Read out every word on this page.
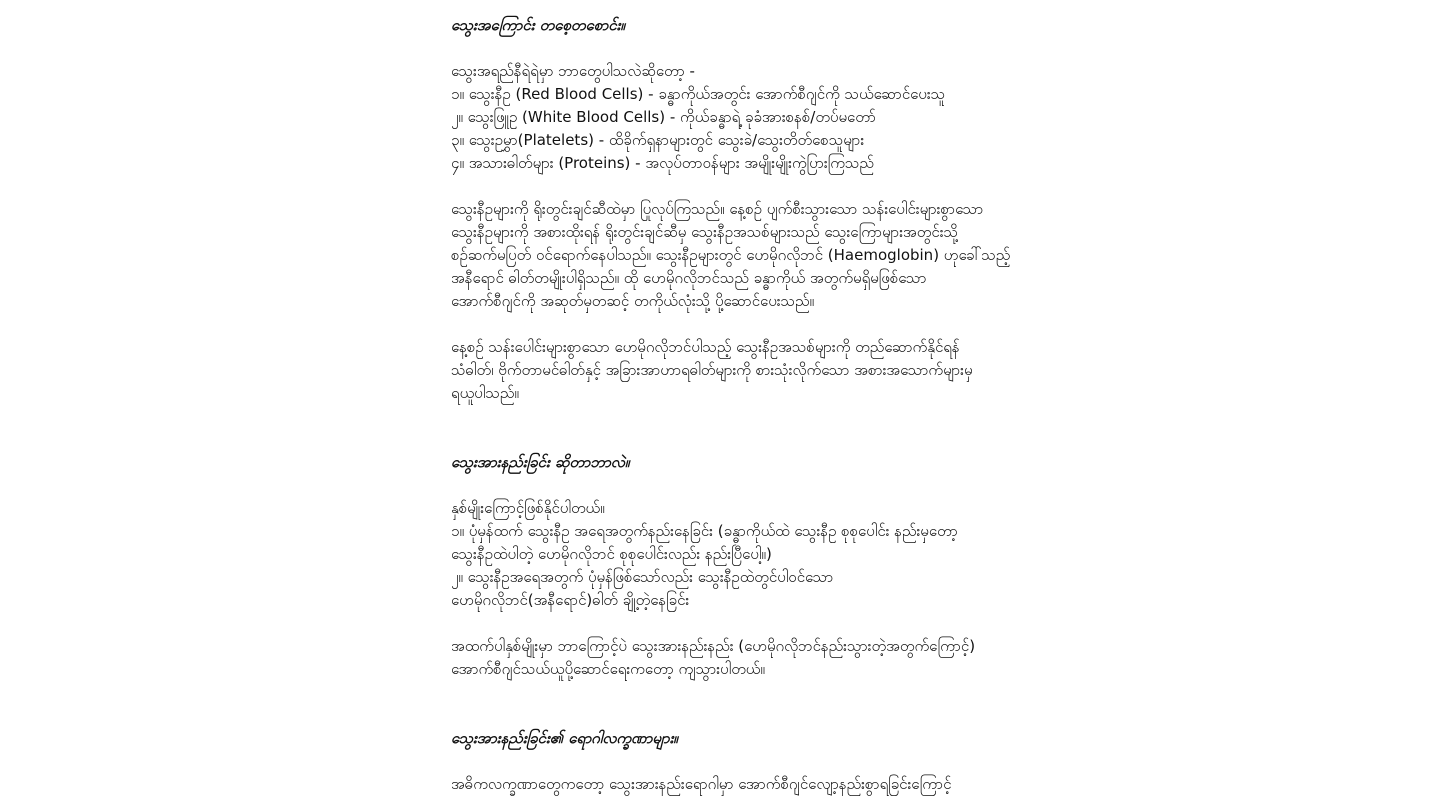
သွေးအကြောင်း တစေ့တစောင်း။

သွေးအရည်နီရဲရဲမှာ ဘာတွေပါသလဲဆိုတော့ -

၁။ သွေးနီဥ (Red Blood Cells) - ခန္ဓာကိုယ်အတွင်း အောက်စီဂျင်ကို သယ်ဆောင်ပေးသူ

၂။ သွေးဖြူဥ (White Blood Cells) - ကိုယ်ခန္ဓာရဲ့ ခုခံအားစနစ်/တပ်မတော်

၃။ သွေးဥမွှာ(Platelets) - ထိခိုက်ရှနာများတွင် သွေးခဲ/သွေးတိတ်စေသူများ

၄။ အသားဓါတ်များ (Proteins) - အလုပ်တာဝန်များ အမျိုးမျိုးကွဲပြားကြသည်

သွေးနီဥများကို ရိုးတွင်းချင်ဆီထဲမှာ ပြုလုပ်ကြသည်။ နေ့စဉ် ပျက်စီးသွားသော သန်းပေါင်းများစွာသော

သွေးနီဥများကို အစားထိုးရန် ရိုးတွင်းချင်ဆီမှ သွေးနီဥအသစ်များသည် သွေးကြောများအတွင်းသို့

စဉ်ဆက်မပြတ် ဝင်ရောက်နေပါသည်။ သွေးနီဥများတွင် ဟေမိုဂလိုဘင် (Haemoglobin) ဟုခေါ်သည့်

အနီရောင် ဓါတ်တမျိုးပါရှိသည်။ ထို ဟေမိုဂလိုဘင်သည် ခန္ဓာကိုယ် အတွက်မရှိမဖြစ်သော

အောက်စီဂျင်ကို အဆုတ်မှတဆင့် တကိုယ်လုံးသို့ ပို့ဆောင်ပေးသည်။

နေ့စဉ် သန်းပေါင်းများစွာသော ဟေမိုဂလိုဘင်ပါသည့် သွေးနီဥအသစ်များကို တည်ဆောက်နိုင်ရန်

သံဓါတ်၊ ဗိုက်တာမင်ဓါတ်နှင့် အခြားအာဟာရဓါတ်များကို စားသုံးလိုက်သော အစားအသောက်များမှ

ရယူပါသည်။

သွေးအားနည်းခြင်း ဆိုတာဘာလဲ။

နှစ်မျိုးကြောင့်ဖြစ်နိုင်ပါတယ်။

၁။ ပုံမှန်ထက် သွေးနီဥ အရေအတွက်နည်းနေခြင်း (ခန္ဓာကိုယ်ထဲ သွေးနီဥ စုစုပေါင်း နည်းမှတော့

သွေးနီဥထဲပါတဲ့ ဟေမိုဂလိုဘင် စုစုပေါင်းလည်း နည်းပြီပေါ့။)

၂။ သွေးနီဥအရေအတွက် ပုံမှန်ဖြစ်သော်လည်း သွေးနီဥထဲတွင်ပါဝင်သော

ဟေမိုဂလိုဘင်(အနီရောင်)ဓါတ် ချို့တဲ့နေခြင်း

အထက်ပါနှစ်မျိုးမှာ ဘာကြောင့်ပဲ သွေးအားနည်းနည်း (ဟေမိုဂလိုဘင်နည်းသွားတဲ့အတွက်ကြောင့်)

အောက်စီဂျင်သယ်ယူပို့ဆောင်ရေးကတော့ ကျသွားပါတယ်။

သွေးအားနည်းခြင်း၏ ရောဂါလက္ခဏာများ။

အဓိကလက္ခဏာတွေကတော့ သွေးအားနည်းရောဂါမှာ အောက်စီဂျင်လျော့နည်းစွာရခြင်းကြောင့်
